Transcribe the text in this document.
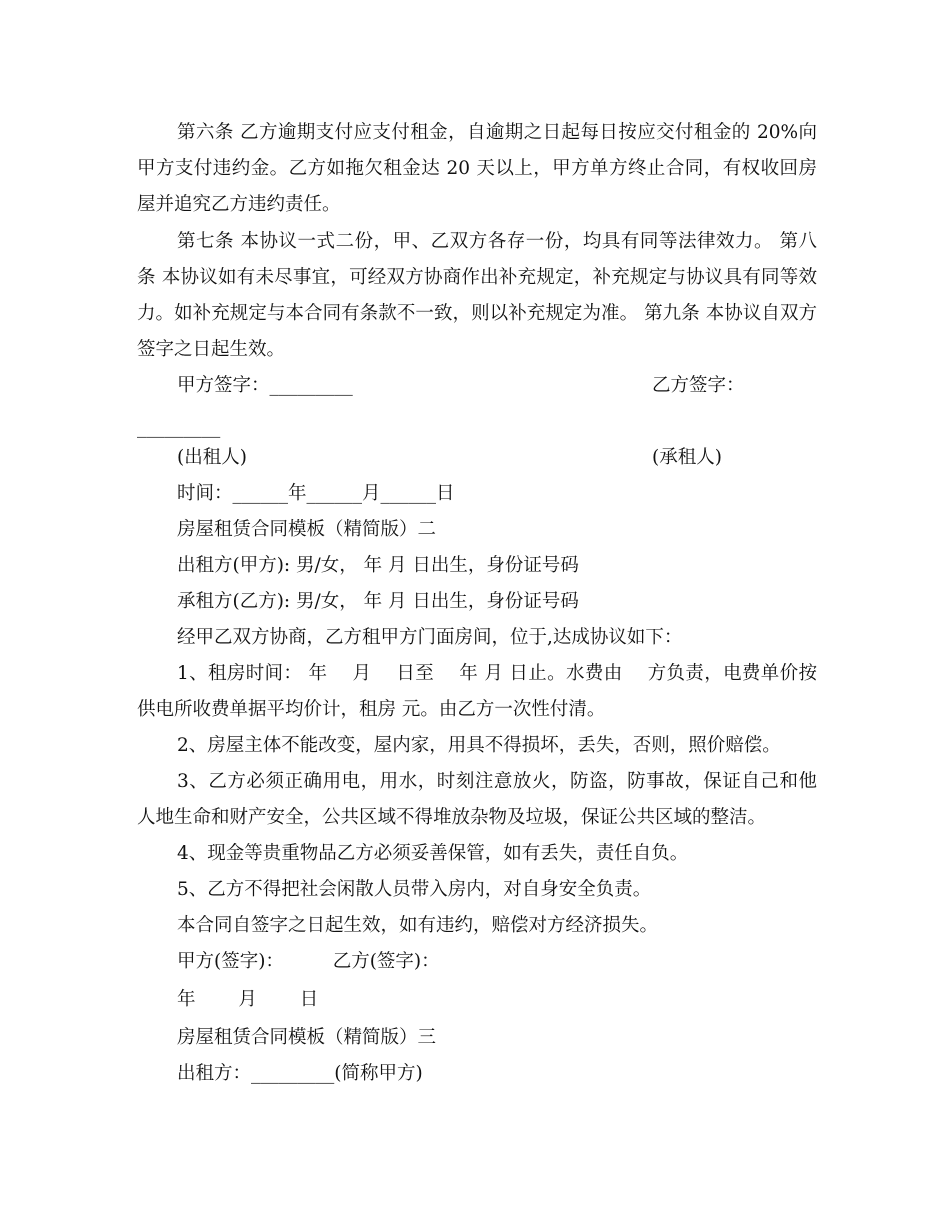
第六条 乙方逾期支付应支付租金，自逾期之日起每日按应交付租金的 20%向甲方支付违约金。乙方如拖欠租金达 20 天以上，甲方单方终止合同，有权收回房屋并追究乙方违约责任。

第七条 本协议一式二份，甲、乙双方各存一份，均具有同等法律效力。 第八条 本协议如有未尽事宜，可经双方协商作出补充规定，补充规定与协议具有同等效力。如补充规定与本合同有条款不一致，则以补充规定为准。 第九条 本协议自双方签字之日起生效。

甲方签字：_________	乙方签字：

_________

(出租人)	(承租人)

时间：______年______月______日

房屋租赁合同模板（精简版）二

出租方(甲方): 男/女， 年 月 日出生，身份证号码

承租方(乙方): 男/女， 年 月 日出生，身份证号码

经甲乙双方协商，乙方租甲方门面房间，位于,达成协议如下：

1、租房时间： 年 　月 　日至 　年 月 日止。水费由 　方负责，电费单价按供电所收费单据平均价计，租房 元。由乙方一次性付清。

2、房屋主体不能改变，屋内家，用具不得损坏，丢失，否则，照价赔偿。

3、乙方必须正确用电，用水，时刻注意放火，防盗，防事故，保证自己和他人地生命和财产安全，公共区域不得堆放杂物及垃圾，保证公共区域的整洁。

4、现金等贵重物品乙方必须妥善保管，如有丢失，责任自负。

5、乙方不得把社会闲散人员带入房内，对自身安全负责。

本合同自签字之日起生效，如有违约，赔偿对方经济损失。

甲方(签字)： 　　 乙方(签字)：

年 　　月 　　日

房屋租赁合同模板（精简版）三

出租方：_________(简称甲方)
